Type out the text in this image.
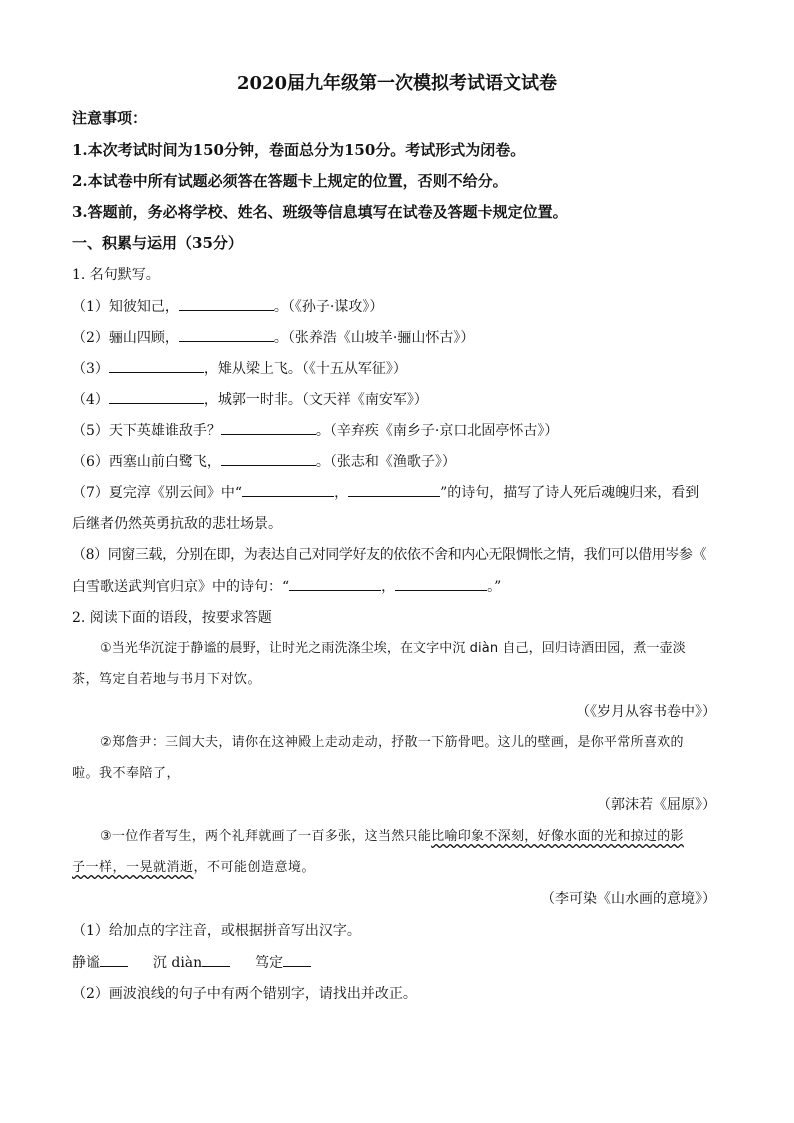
2020届九年级第一次模拟考试语文试卷
注意事项：
1.本次考试时间为150分钟，卷面总分为150分。考试形式为闭卷。
2.本试卷中所有试题必须答在答题卡上规定的位置，否则不给分。
3.答题前，务必将学校、姓名、班级等信息填写在试卷及答题卡规定位置。
一、积累与运用（35分）
1. 名句默写。
（1）知彼知己，	。（《孙子·谋攻》）
（2）骊山四顾，	。（张养浩《山坡羊·骊山怀古》）
（3）	，雉从梁上飞。（《十五从军征》）
（4）	，城郭一时非。（文天祥《南安军》）
（5）天下英雄谁敌手？	。（辛弃疾《南乡子·京口北固亭怀古》）
（6）西塞山前白鹭飞，	。（张志和《渔歌子》）
（7）夏完淳《别云间》中“	，	”的诗句，描写了诗人死后魂魄归来，看到
后继者仍然英勇抗敌的悲壮场景。
（8）同窗三载，分别在即，为表达自己对同学好友的依依不舍和内心无限惆怅之情，我们可以借用岑参《
白雪歌送武判官归京》中的诗句：“	，	。”
2. 阅读下面的语段，按要求答题
①当光华沉淀于静谧的晨野，让时光之雨洗涤尘埃，在文字中沉 diàn 自己，回归诗酒田园，煮一壶淡
茶，笃定自若地与书月下对饮。
（《岁月从容书卷中》）
②郑詹尹：三闾大夫，请你在这神殿上走动走动，抒散一下筋骨吧。这儿的壁画，是你平常所喜欢的
啦。我不奉陪了，
（郭沫若《屈原》）
③一位作者写生，两个礼拜就画了一百多张，这当然只能比喻印象不深刻，好像水面的光和掠过的影
子一样，一晃就消逝，不可能创造意境。
（李可染《山水画的意境》）
（1）给加点的字注音，或根据拼音写出汉字。
静谧	沉 diàn	笃定
（2）画波浪线的句子中有两个错别字，请找出并改正。
